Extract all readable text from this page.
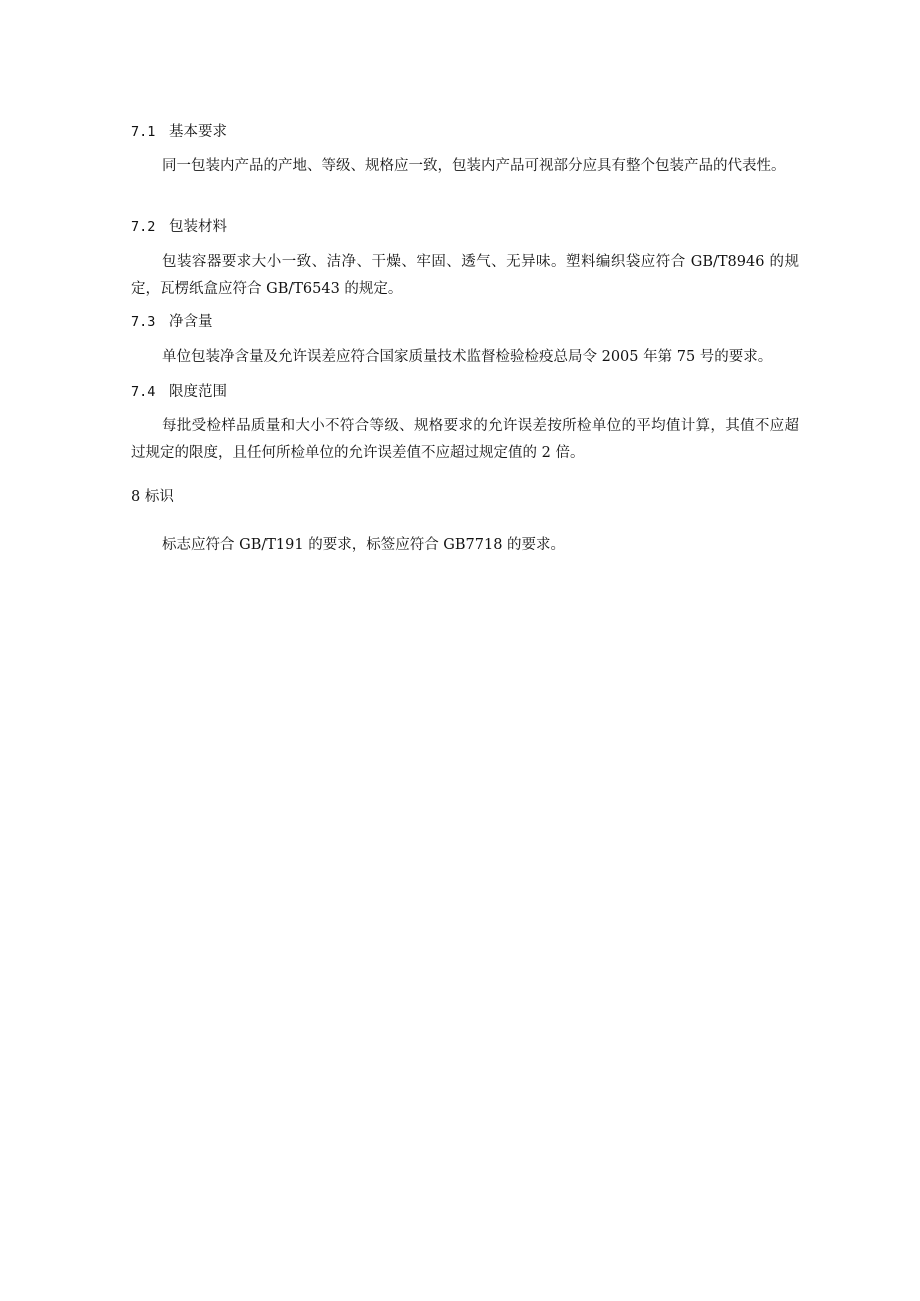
7.1 基本要求
同一包装内产品的产地、等级、规格应一致，包装内产品可视部分应具有整个包装产品的代表性。
7.2 包装材料
包装容器要求大小一致、洁净、干燥、牢固、透气、无异味。塑料编织袋应符合 GB/T8946 的规定，瓦楞纸盒应符合 GB/T6543 的规定。
7.3 净含量
单位包装净含量及允许误差应符合国家质量技术监督检验检疫总局令 2005 年第 75 号的要求。
7.4 限度范围
每批受检样品质量和大小不符合等级、规格要求的允许误差按所检单位的平均值计算，其值不应超过规定的限度，且任何所检单位的允许误差值不应超过规定值的 2 倍。
8 标识
标志应符合 GB/T191 的要求，标签应符合 GB7718 的要求。
